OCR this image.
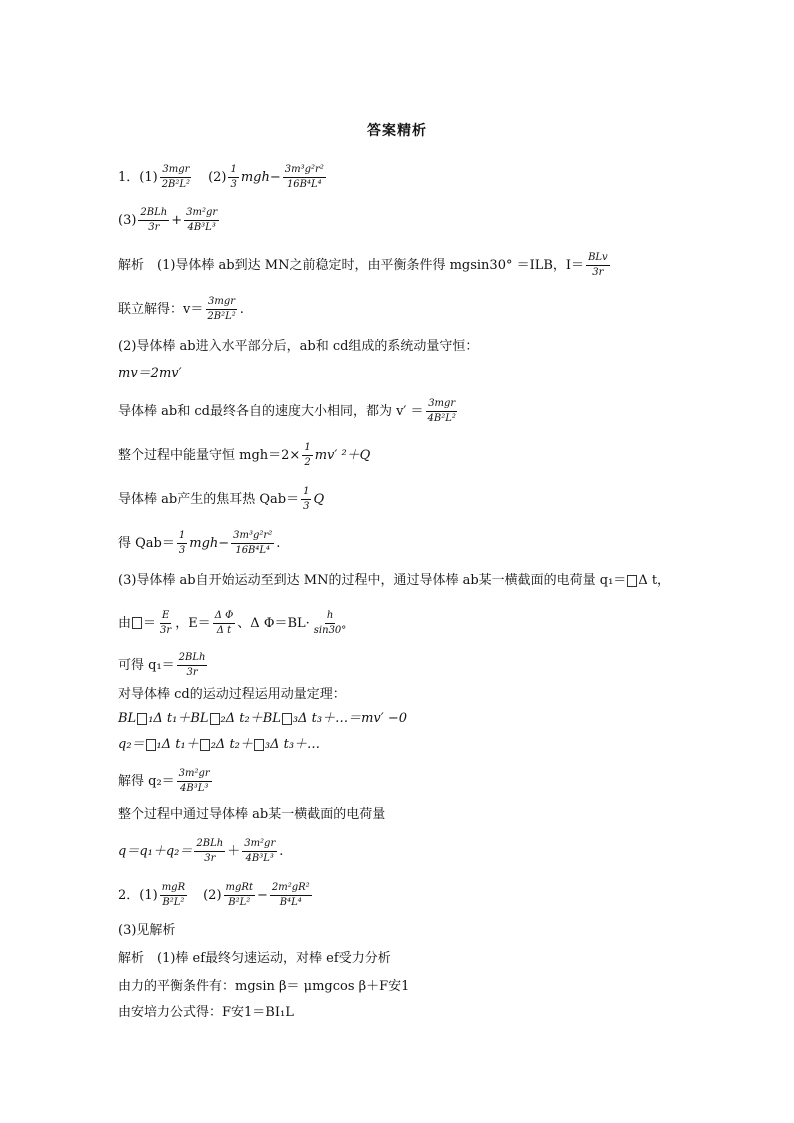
答案精析
1．$(1) \frac{\text{3mgr}}{\text{2B²L²}} (2) \frac{1}{3} mgh- \frac{\text{3m³g²r²}}{\text{16B⁴L⁴}}$
$(3) \frac{\text{2BLh}}{3r} + \frac{\text{3m²gr}}{\text{4B³L³}}$
解析　(1)导体棒 ab到达 MN之前稳定时，由平衡条件得 mgsin30° ＝ILB，$I= \frac{\text{BLv}}{3r}$
联立解得：$v= \frac{\text{3mgr}}{\text{2B²L²}}$ .
(2)导体棒 ab进入水平部分后，ab和 cd组成的系统动量守恒：
mv＝2mv′
导体棒 ab和 cd最终各自的速度大小相同，都为 $v' = \frac{\text{3mgr}}{\text{4B²L²}}$
整个过程中能量守恒 $mgh=2\times \frac{1}{2} mv'$ ²＋Q
导体棒 ab产生的焦耳热 $Qab= \frac{1}{3}$ Q
得 $Qab= \frac{1}{3} mgh- \frac{\text{3m³g²r²}}{\text{16B⁴L⁴}}$ .
(3)导体棒 ab自开始运动至到达 MN的过程中，通过导体棒 ab某一横截面的电荷量 q₁＝ Δ t，
由 ＝ $\frac{E}{3r}$ ，$E= \frac{\text{Δ Φ}}{\text{Δ t}}$ 、Δ $\Phi=BL\cdot \frac{h}{\sin 30^\circ}$
可得 $q_1= \frac{\text{2BLh}}{3r}$
对导体棒 cd的运动过程运用动量定理：
BL ₁Δ t₁＋BL ₂Δ t₂＋BL ₃Δ t₃＋…＝mv′ −0
q₂＝ ₁Δ t₁＋ ₂Δ t₂＋ ₃Δ t₃＋…
解得 $q_2= \frac{\text{3m²gr}}{\text{4B³L³}}$
整个过程中通过导体棒 ab某一横截面的电荷量
$q=q_1+q_2= \frac{\text{2BLh}}{3r} + \frac{\text{3m²gr}}{\text{4B³L³}}$ .
2．$(1) \frac{\text{mgR}}{\text{B²L²}} (2) \frac{\text{mgRt}}{\text{B²L²}} - \frac{\text{2m²gR²}}{\text{B⁴L⁴}}$
(3)见解析
解析　(1)棒 ef最终匀速运动，对棒 ef受力分析
由力的平衡条件有：mgsin β＝ μmgcos β＋F安1
由安培力公式得：F安1＝BI₁L
